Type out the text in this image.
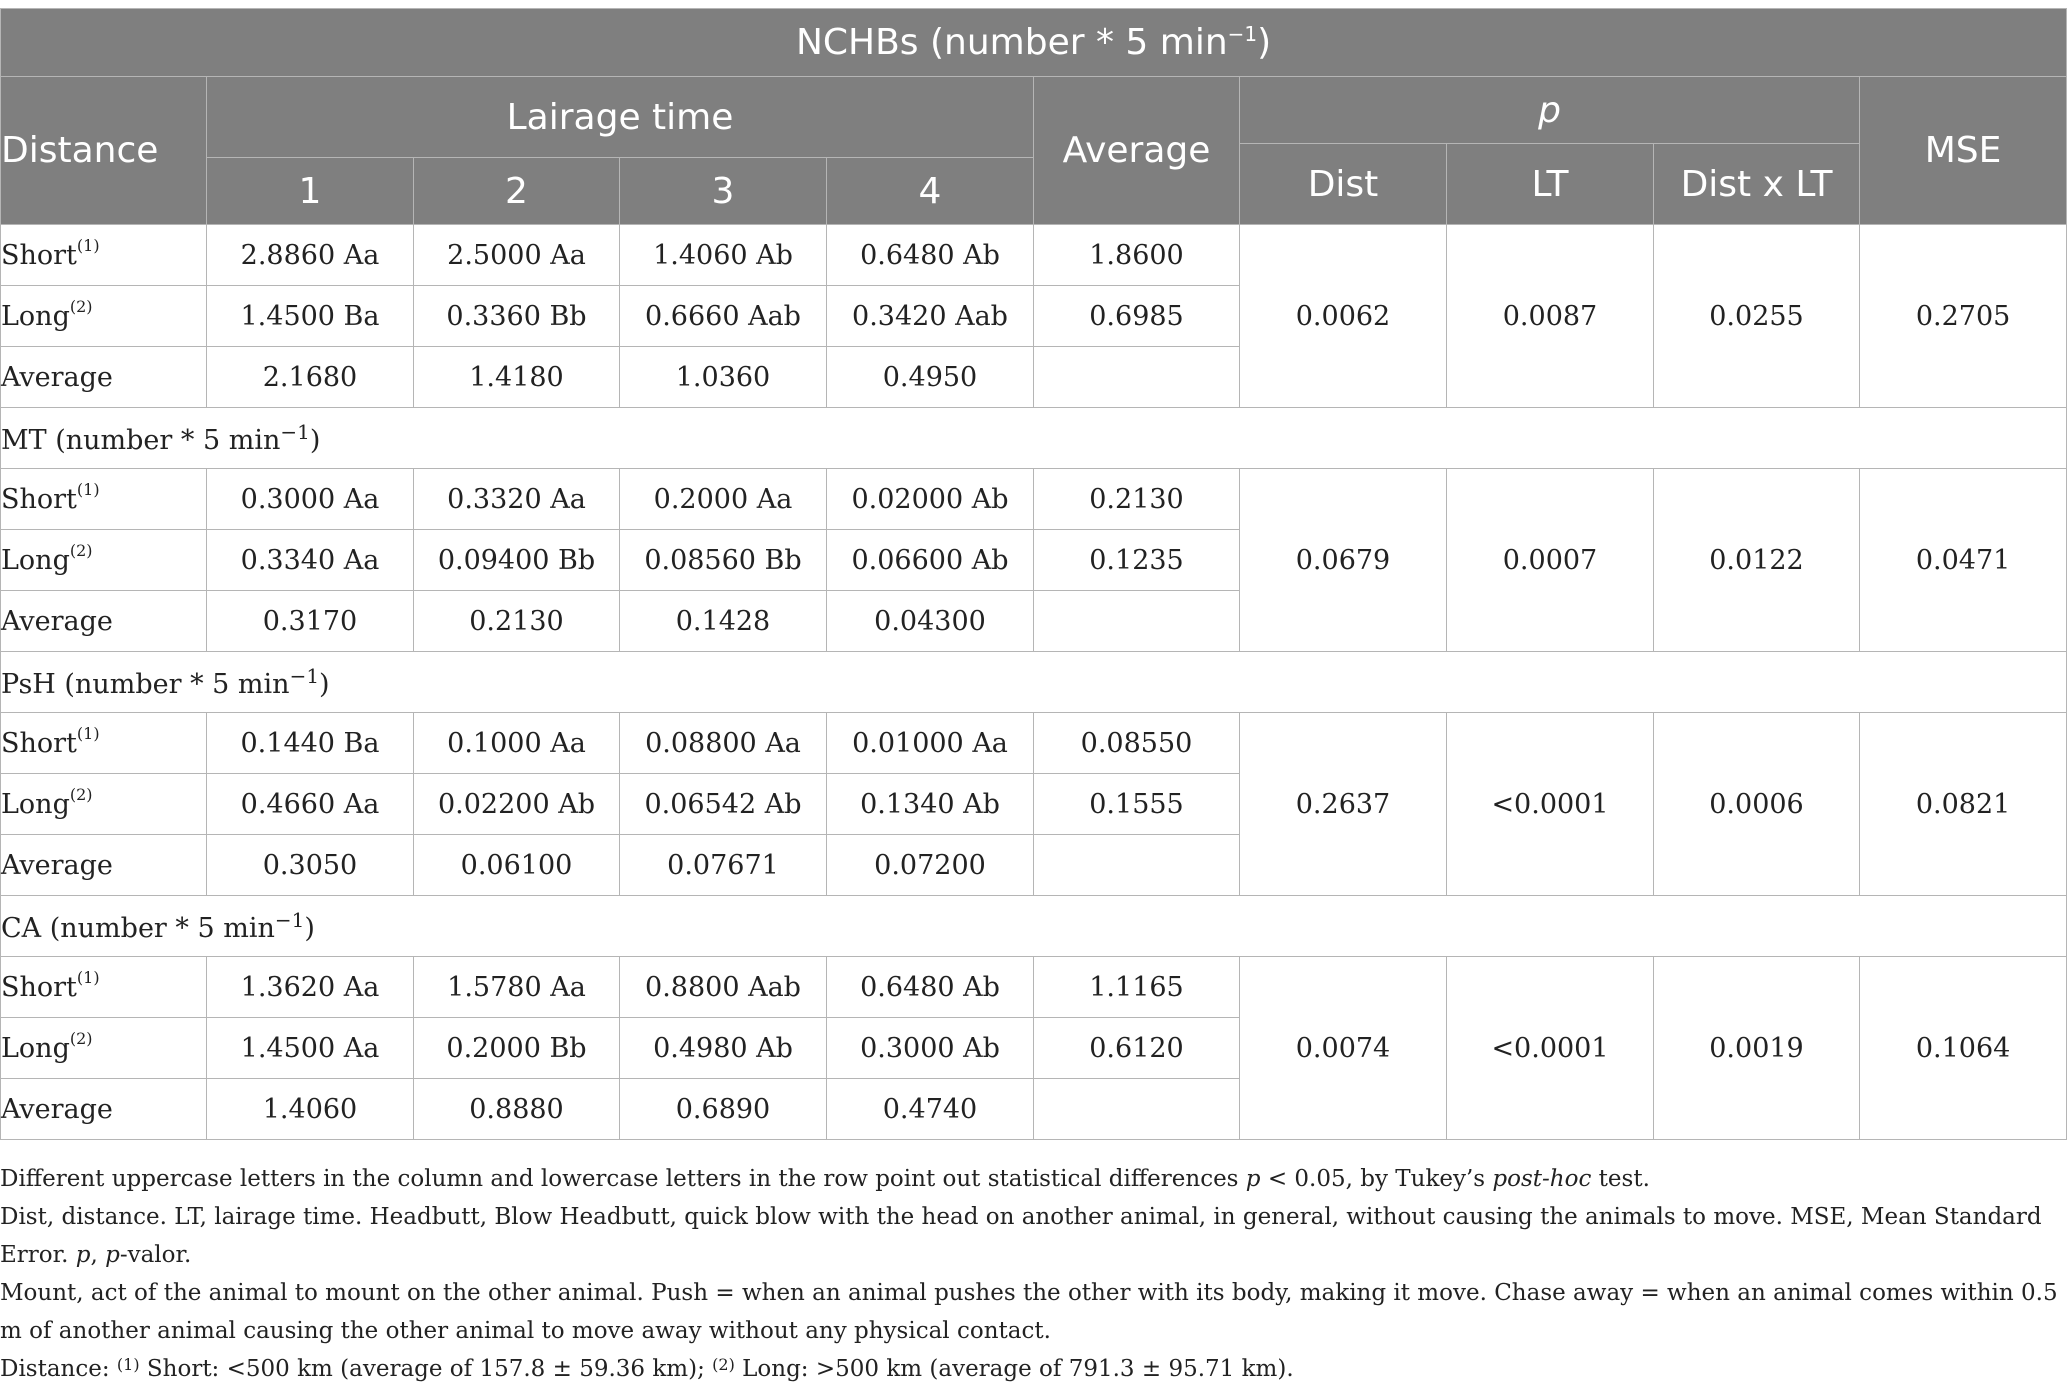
NCHBs (number * 5 $\min^{-1}$)									
Distance	Lairage time				Average	p			MSE
						Dist	LT	Dist x LT	
	1	2	3	4					
Short$^{(1)}$	2.8860 Aa	2.5000 Aa	1.4060 Ab	0.6480 Ab	1.8600	0.0062	0.0087	0.0255	0.2705
Long$^{(2)}$	1.4500 Ba	0.3360 Bb	0.6660 Aab	0.3420 Aab	0.6985				
Average	2.1680	1.4180	1.0360	0.4950					
MT (number * 5 $\min^{-1}$)									
Short$^{(1)}$	0.3000 Aa	0.3320 Aa	0.2000 Aa	0.02000 Ab	0.2130	0.0679	0.0007	0.0122	0.0471
Long$^{(2)}$	0.3340 Aa	0.09400 Bb	0.08560 Bb	0.06600 Ab	0.1235				
Average	0.3170	0.2130	0.1428	0.04300					
PsH (number * 5 $\min^{-1}$)									
Short$^{(1)}$	0.1440 Ba	0.1000 Aa	0.08800 Aa	0.01000 Aa	0.08550	0.2637	<0.0001	0.0006	0.0821
Long$^{(2)}$	0.4660 Aa	0.02200 Ab	0.06542 Ab	0.1340 Ab	0.1555				
Average	0.3050	0.06100	0.07671	0.07200					
CA (number * 5 $\min^{-1}$)									
Short$^{(1)}$	1.3620 Aa	1.5780 Aa	0.8800 Aab	0.6480 Ab	1.1165	0.0074	<0.0001	0.0019	0.1064
Long$^{(2)}$	1.4500 Aa	0.2000 Bb	0.4980 Ab	0.3000 Ab	0.6120				
Average	1.4060	0.8880	0.6890	0.4740					

Different uppercase letters in the column and lowercase letters in the row point out statistical differences p < 0.05, by Tukey’s post-hoc test.

Dist, distance. LT, lairage time. Headbutt, Blow Headbutt, quick blow with the head on another animal, in general, without causing the animals to move. MSE, Mean Standard Error. p, p-valor.

Mount, act of the animal to mount on the other animal. Push = when an animal pushes the other with its body, making it move. Chase away = when an animal comes within 0.5 m of another animal causing the other animal to move away without any physical contact.

Distance: $^{(1)}$ Short: <500 km (average of 157.8 ± 59.36 km); $^{(2)}$ Long: >500 km (average of 791.3 ± 95.71 km).
